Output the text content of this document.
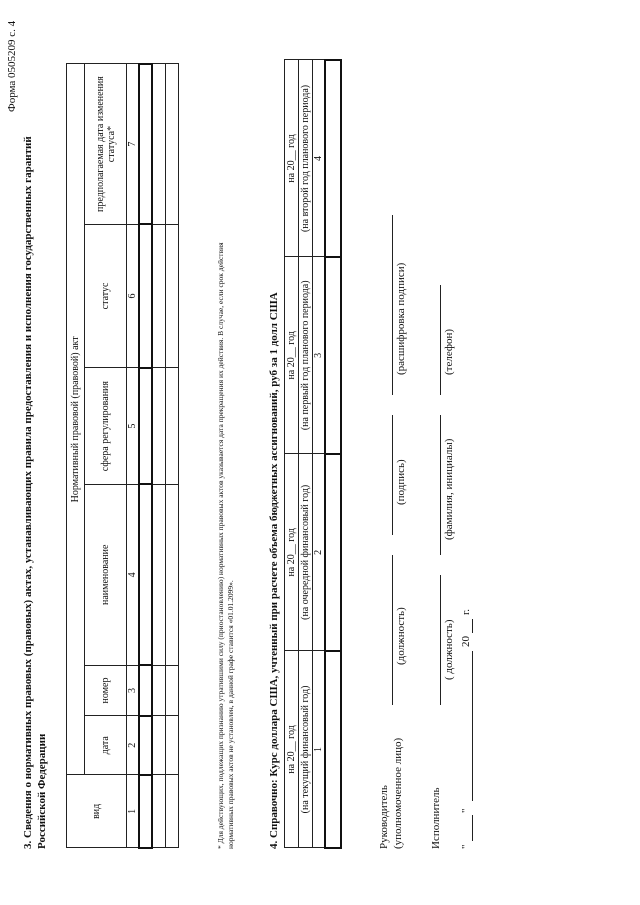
Форма 0505209 с. 4
3. Сведения о нормативных правовых (правовых) актах, устанавливающих правила предоставления и исполнения государственных гарантий Российской Федерации	вид	Нормативный правовой (правовой) акт					
	дата	номер	наименование	сфера регулирования	статус	предполагаемая дата изменения статуса*
1	2	3	4	5	6	7

* Для действующих, подлежащих признанию утратившими силу (приостановлению) нормативных правовых актов указывается дата прекращения их действия. В случае, если срок действия нормативных правовых актов не установлен, в данной графе ставится «01.01.2099».	4. Справочно: Курс доллара США, учтенный при расчете объема бюджетных ассигнований, руб за 1 долл США на 20__ год	на 20__ год	на 20__ год	на 20__ год
(на текущий финансовый год)	(на очередной финансовый год)	(на первый год планового периода)	(на второй год планового периода)
1	2	3	4

Руководитель (уполномоченное лицо)
(должность)
(подпись)
(расшифровка подписи)
Исполнитель
( должность)
(фамилия, инициалы)
(телефон)
"
"
20
г.
